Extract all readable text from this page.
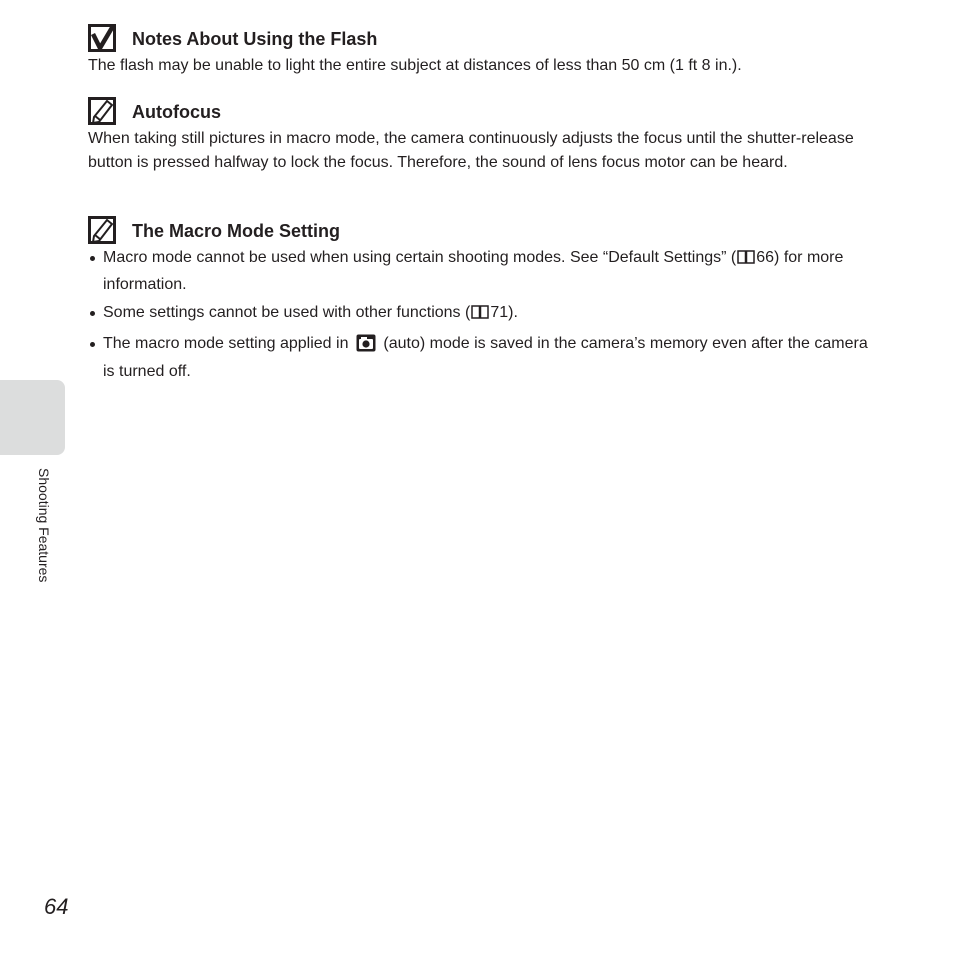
Notes About Using the Flash

The flash may be unable to light the entire subject at distances of less than 50 cm (1 ft 8 in.).

Autofocus

When taking still pictures in macro mode, the camera continuously adjusts the focus until the shutter-release button is pressed halfway to lock the focus. Therefore, the sound of lens focus motor can be heard.

The Macro Mode Setting
Macro mode cannot be used when using certain shooting modes. See “Default Settings” ( 66) for more information.
Some settings cannot be used with other functions ( 71).
The macro mode setting applied in  (auto) mode is saved in the camera’s memory even after the camera is turned off.
Shooting Features
64
